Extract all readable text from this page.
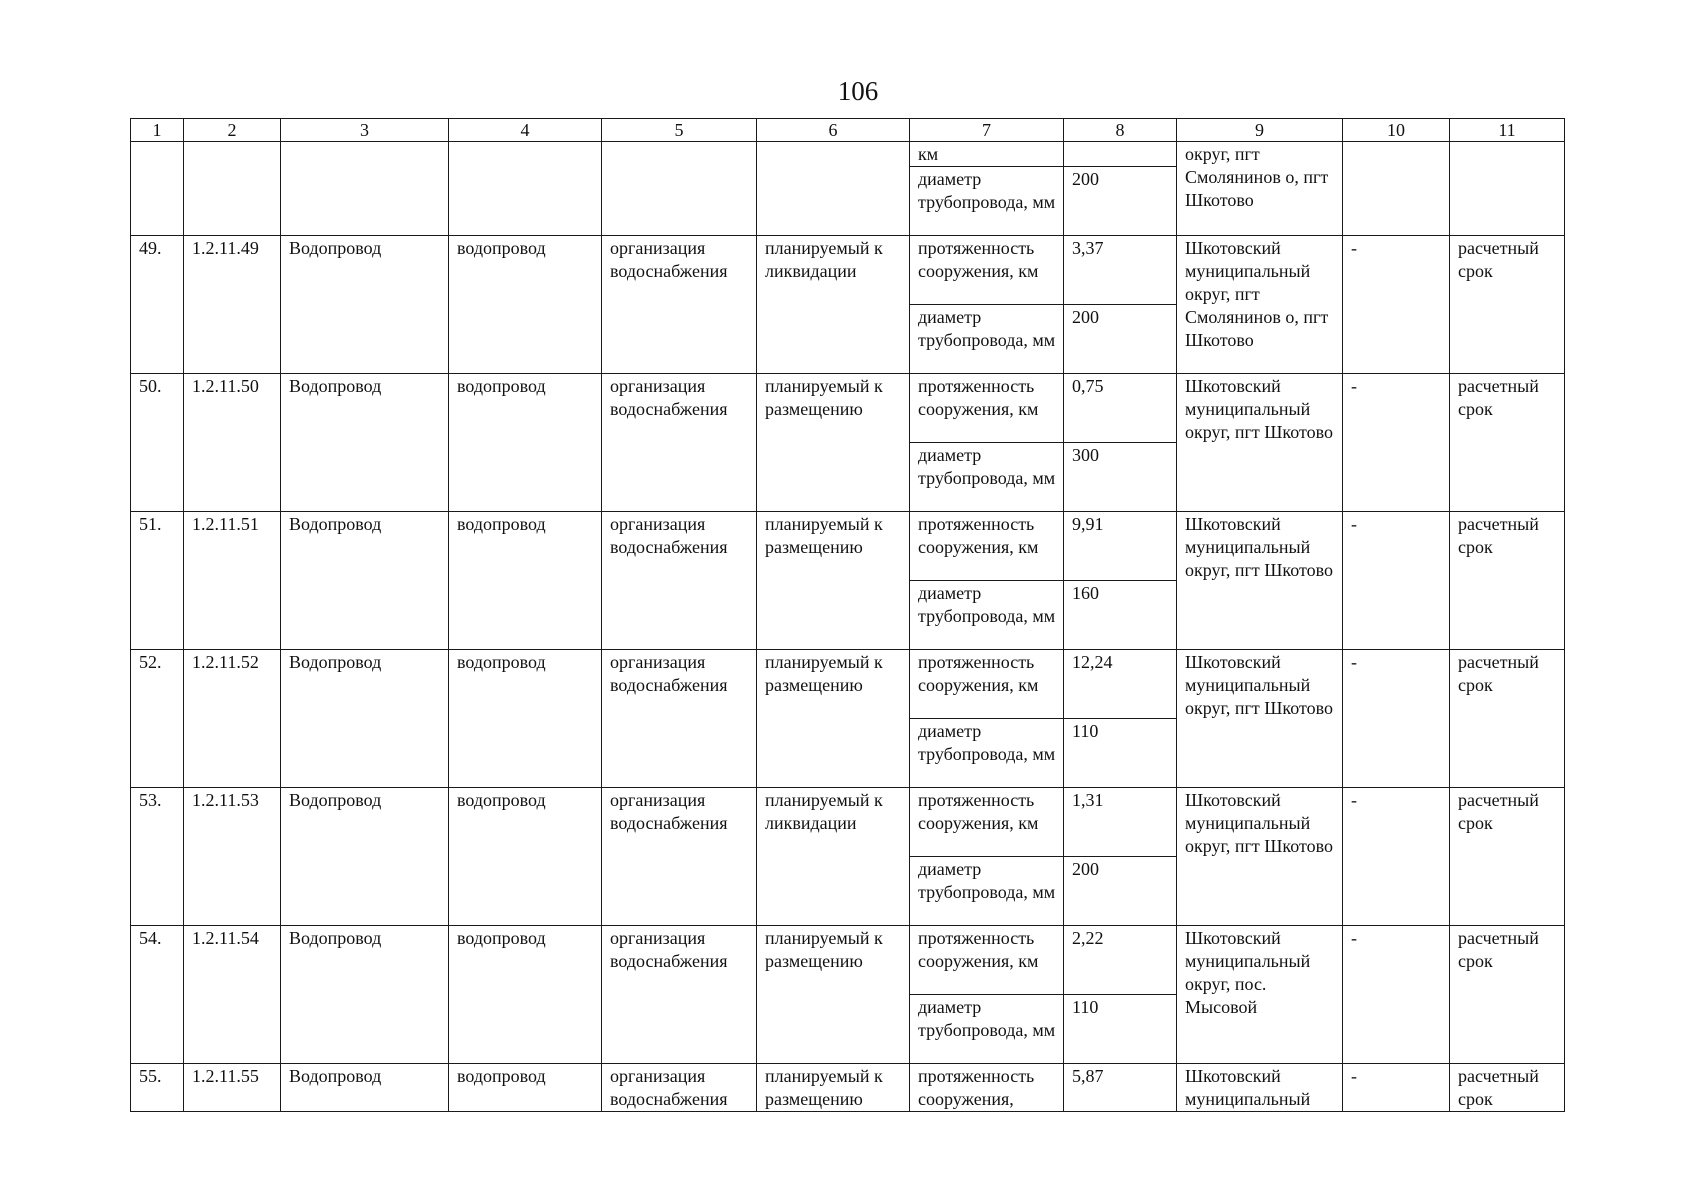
106
1	2	3	4	5	6	7	8	9	10	11
						км		округ, пгт Смолянинов о, пгт Шкотово		
						диаметр трубопровода, мм	200			
49.	1.2.11.49	Водопровод	водопровод	организация водоснабжения	планируемый к ликвидации	протяженность сооружения, км	3,37	Шкотовский муниципальный округ, пгт Смолянинов о, пгт Шкотово	-	расчетный срок
						диаметр трубопровода, мм	200			
50.	1.2.11.50	Водопровод	водопровод	организация водоснабжения	планируемый к размещению	протяженность сооружения, км	0,75	Шкотовский муниципальный округ, пгт Шкотово	-	расчетный срок
						диаметр трубопровода, мм	300			
51.	1.2.11.51	Водопровод	водопровод	организация водоснабжения	планируемый к размещению	протяженность сооружения, км	9,91	Шкотовский муниципальный округ, пгт Шкотово	-	расчетный срок
						диаметр трубопровода, мм	160			
52.	1.2.11.52	Водопровод	водопровод	организация водоснабжения	планируемый к размещению	протяженность сооружения, км	12,24	Шкотовский муниципальный округ, пгт Шкотово	-	расчетный срок
						диаметр трубопровода, мм	110			
53.	1.2.11.53	Водопровод	водопровод	организация водоснабжения	планируемый к ликвидации	протяженность сооружения, км	1,31	Шкотовский муниципальный округ, пгт Шкотово	-	расчетный срок
						диаметр трубопровода, мм	200			
54.	1.2.11.54	Водопровод	водопровод	организация водоснабжения	планируемый к размещению	протяженность сооружения, км	2,22	Шкотовский муниципальный округ, пос. Мысовой	-	расчетный срок
						диаметр трубопровода, мм	110			
55.	1.2.11.55	Водопровод	водопровод	организация водоснабжения	планируемый к размещению	протяженность сооружения,	5,87	Шкотовский муниципальный	-	расчетный срок
